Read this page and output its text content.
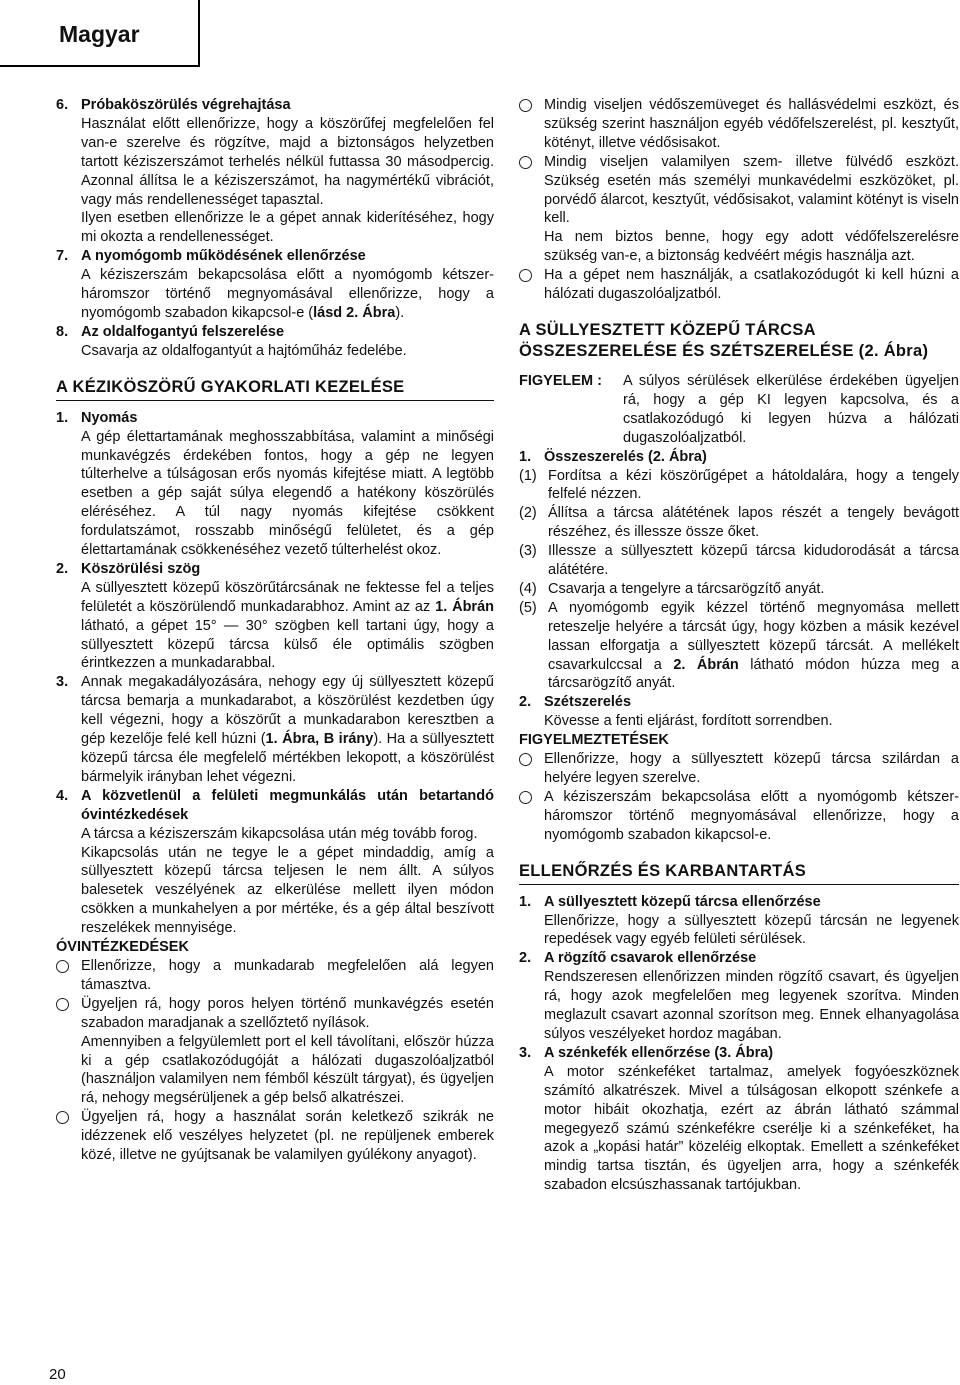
Magyar
6. Próbaköszörülés végrehajtása

Használat előtt ellenőrizze, hogy a köszörűfej megfelelően fel van-e szerelve és rögzítve, majd a biztonságos helyzetben tartott kéziszerszámot terhelés nélkül futtassa 30 másodpercig. Azonnal állítsa le a kéziszerszámot, ha nagymértékű vibrációt, vagy más rendellenességet tapasztal.

Ilyen esetben ellenőrizze le a gépet annak kiderítéséhez, hogy mi okozta a rendellenességet.

7. A nyomógomb működésének ellenőrzése

A kéziszerszám bekapcsolása előtt a nyomógomb kétszer-háromszor történő megnyomásával ellenőrizze, hogy a nyomógomb szabadon kikapcsol-e (lásd 2. Ábra).

8. Az oldalfogantyú felszerelése

Csavarja az oldalfogantyút a hajtóműház fedelébe.

A KÉZIKÖSZÖRŰ GYAKORLATI KEZELÉSE

1. Nyomás

A gép élettartamának meghosszabbítása, valamint a minőségi munkavégzés érdekében fontos, hogy a gép ne legyen túlterhelve a túlságosan erős nyomás kifejtése miatt. A legtöbb esetben a gép saját súlya elegendő a hatékony köszörülés eléréséhez. A túl nagy nyomás kifejtése csökkent fordulatszámot, rosszabb minőségű felületet, és a gép élettartamának csökkenéséhez vezető túlterhelést okoz.

2. Köszörülési szög

A süllyesztett közepű köszörűtárcsának ne fektesse fel a teljes felületét a köszörülendő munkadarabhoz. Amint az az 1. Ábrán látható, a gépet 15° — 30° szögben kell tartani úgy, hogy a süllyesztett közepű tárcsa külső éle optimális szögben érintkezzen a munkadarabbal.

3. Annak megakadályozására, nehogy egy új süllyesztett közepű tárcsa bemarja a munkadarabot, a köszörülést kezdetben úgy kell végezni, hogy a köszörűt a munkadarabon keresztben a gép kezelője felé kell húzni (1. Ábra, B irány). Ha a süllyesztett közepű tárcsa éle megfelelő mértékben lekopott, a köszörülést bármelyik irányban lehet végezni.

4. A közvetlenül a felületi megmunkálás után betartandó óvintézkedések

A tárcsa a kéziszerszám kikapcsolása után még tovább forog.

Kikapcsolás után ne tegye le a gépet mindaddig, amíg a süllyesztett közepű tárcsa teljesen le nem állt. A súlyos balesetek veszélyének az elkerülése mellett ilyen módon csökken a munkahelyen a por mértéke, és a gép által beszívott reszelékek mennyisége.

ÓVINTÉZKEDÉSEK

Ellenőrizze, hogy a munkadarab megfelelően alá legyen támasztva.

Ügyeljen rá, hogy poros helyen történő munkavégzés esetén szabadon maradjanak a szellőztető nyílások.

Amennyiben a felgyülemlett port el kell távolítani, először húzza ki a gép csatlakozódugóját a hálózati dugaszolóaljzatból (használjon valamilyen nem fémből készült tárgyat), és ügyeljen rá, nehogy megsérüljenek a gép belső alkatrészei.

Ügyeljen rá, hogy a használat során keletkező szikrák ne idézzenek elő veszélyes helyzetet (pl. ne repüljenek emberek közé, illetve ne gyújtsanak be valamilyen gyúlékony anyagot).

Mindig viseljen védőszemüveget és hallásvédelmi eszközt, és szükség szerint használjon egyéb védőfelszerelést, pl. kesztyűt, kötényt, illetve védősisakot.

Mindig viseljen valamilyen szem- illetve fülvédő eszközt. Szükség esetén más személyi munkavédelmi eszközöket, pl. porvédő álarcot, kesztyűt, védősisakot, valamint kötényt is viseln kell.

Ha nem biztos benne, hogy egy adott védőfelszerelésre szükség van-e, a biztonság kedvéért mégis használja azt.

Ha a gépet nem használják, a csatlakozódugót ki kell húzni a hálózati dugaszolóaljzatból.

A SÜLLYESZTETT KÖZEPŰ TÁRCSA ÖSSZESZERELÉSE ÉS SZÉTSZERELÉSE (2. Ábra)

FIGYELEM :	A súlyos sérülések elkerülése érdekében ügyeljen rá, hogy a gép KI legyen kapcsolva, és a csatlakozódugó ki legyen húzva a hálózati dugaszolóaljzatból.

1. Összeszerelés (2. Ábra)

(1) Fordítsa a kézi köszörűgépet a hátoldalára, hogy a tengely felfelé nézzen.

(2) Állítsa a tárcsa alátétének lapos részét a tengely bevágott részéhez, és illessze össze őket.

(3) Illessze a süllyesztett közepű tárcsa kidudorodását a tárcsa alátétére.

(4) Csavarja a tengelyre a tárcsarögzítő anyát.

(5) A nyomógomb egyik kézzel történő megnyomása mellett reteszelje helyére a tárcsát úgy, hogy közben a másik kezével lassan elforgatja a süllyesztett közepű tárcsát. A mellékelt csavarkulccsal a 2. Ábrán látható módon húzza meg a tárcsarögzítő anyát.

2. Szétszerelés

Kövesse a fenti eljárást, fordított sorrendben.

FIGYELMEZTETÉSEK

Ellenőrizze, hogy a süllyesztett közepű tárcsa szilárdan a helyére legyen szerelve.

A kéziszerszám bekapcsolása előtt a nyomógomb kétszer-háromszor történő megnyomásával ellenőrizze, hogy a nyomógomb szabadon kikapcsol-e.

ELLENŐRZÉS ÉS KARBANTARTÁS

1. A süllyesztett közepű tárcsa ellenőrzése

Ellenőrizze, hogy a süllyesztett közepű tárcsán ne legyenek repedések vagy egyéb felületi sérülések.

2. A rögzítő csavarok ellenőrzése

Rendszeresen ellenőrizzen minden rögzítő csavart, és ügyeljen rá, hogy azok megfelelően meg legyenek szorítva. Minden meglazult csavart azonnal szorítson meg. Ennek elhanyagolása súlyos veszélyeket hordoz magában.

3. A szénkefék ellenőrzése (3. Ábra)

A motor szénkeféket tartalmaz, amelyek fogyóeszköznek számító alkatrészek. Mivel a túlságosan elkopott szénkefe a motor hibáit okozhatja, ezért az ábrán látható számmal megegyező számú szénkefékre cserélje ki a szénkeféket, ha azok a „kopási határ” közeléig elkoptak. Emellett a szénkeféket mindig tartsa tisztán, és ügyeljen arra, hogy a szénkefék szabadon elcsúszhassanak tartójukban.

20
